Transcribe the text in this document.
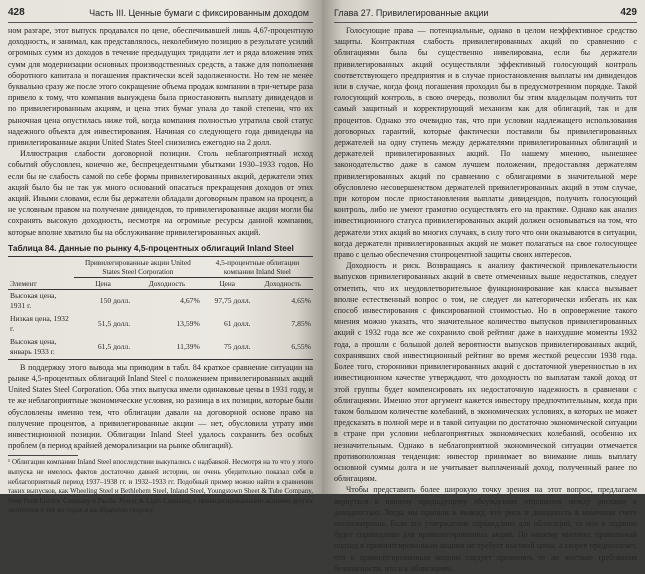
428	Часть III. Ценные бумаги с фиксированным доходом

ном разгаре, этот выпуск продавался по цене, обеспечивавшей лишь 4,67-процентную доходность, и занимал, как представлялось, неколебимую позицию в результате усилий огромных сумм из доходов в течение предыдущих тридцати лет и ряда вложения этих сумм для модернизации основных производственных средств, а также для пополнения оборотного капитала и погашения практически всей задолженности. Но тем не менее буквально сразу же после этого сокращение объема продаж компании в три-четыре раза привело к тому, что компания вынуждена была приостановить выплату дивидендов и по привилегированным акциям, и цена этих бумаг упала до такой степени, что их рыночная цена опустилась ниже той, когда компания полностью утратила свой статус надежного объекта для инвестирования. Начиная со следующего года дивиденды на привилегированные акции United States Steel снизились ежегодно на 2 долл.

Иллюстрация слабости договорной позиции. Столь неблагоприятный исход событий обусловлен, конечно же, беспрецедентными убытками 1930–1933 годов. Но если бы не слабость самой по себе формы привилегированных акций, держатели этих акций было бы не так уж много оснований опасаться прекращения доходов от этих акций. Иными словами, если бы держатели обладали договорным правом на процент, а не условным правом на получение дивидендов, то привилегированные акции могли бы сохранять высокую доходность, несмотря на огромные ресурсы данной компании, которые вполне хватило бы на обслуживание привилегированных акций.

Таблица 84. Данные по рынку 4,5-процентных облигаций Inland Steel
Элемент	Привилегированные акции United States Steel Corporation		4,5-процентные облигации компании Inland Steel	
	Цена	Доходность	Цена	Доходность
Высокая цена, 1931 г.	150 долл.	4,67%	97,75 долл.	4,65%
Низкая цена, 1932 г.	51,5 долл.	13,59%	61 долл.	7,85%
Высокая цена, январь 1933 г.	61,5 долл.	11,39%	75 долл.	6,55%

В поддержку этого вывода мы приводим в табл. 84 краткое сравнение ситуации на рынке 4,5-процентных облигаций Inland Steel с положением привилегированных акций United States Steel Corporation. Оба этих выпуска имели одинаковые цены в 1931 году, и те же неблагоприятные экономические условия, но разница в их позиции, которые были обусловлены именно тем, что облигации давали на договорной основе право на получение процентов, а привилегированные акции — нет, обусловила утрату ими инвестиционной позиции. Облигации Inland Steel удалось сохранить без особых проблем (в период крайней деморализации на рынке облигаций).

¹ Облигации компании Inland Steel впоследствии выкупались с надбавкой. Несмотря на то что у этого выпуска не имелось фактов достаточно давней истории, он очень убедительно показал себя в неблагоприятный период 1937–1938 гг. и 1932–1933 гг. Подобный пример можно найти в сравнении таких выпусков, как Wheeling Steel и Bethlehem Steel, Inland Steel, Youngstown Sheet & Tube Company, West Penn Electric Company и Pacific Power & Light Company, с привилегированными акциями других эмитентов в тех же годах и на обратную сторону.
Глава 27. Привилегированные акции	429

Голосующие права — потенциальные, однако в целом неэффективное средство защиты. Контрактная слабость привилегированных акций по сравнению с облигациями была бы существенно нивелирована, если бы держатели привилегированных акций осуществляли эффективный голосующий контроль соответствующего предприятия и в случае приостановления выплаты им дивидендов или в случае, когда фонд погашения проходил бы в предусмотренном порядке. Такой голосующий контроль, в свою очередь, позволил бы этим владельцам получить тот самый защитный и корректирующий механизм как для облигаций, так и для процентов. Однако это очевидно так, что при условии надлежащего использования договорных гарантий, которые фактически поставили бы привилегированных держателей на одну ступень между держателями привилегированных облигаций и держателей привилегированных акций. По нашему мнению, нынешнее законодательство даже в самом лучшем положении, предоставляя держателям привилегированных акций по сравнению с облигациями в значительной мере обусловлено несовершенством держателей привилегированных акций в этом случае, при котором после приостановления выплаты дивидендов, получить голосующий контроль, либо не умеют грамотно осуществлять его на практике. Однако как анализ инвестиционного статуса привилегированных акций должен основываться на том, что держатели этих акций во многих случаях, в силу того что они оказываются в ситуации, когда держатели привилегированных акций не может полагаться на свое голосующее право с целью обеспечения стопроцентной защиты своих интересов.

Доходность и риск. Возвращаясь к анализу фактической привлекательности выпусков привилегированных акций в свете отмеченных выше недостатков, следует отметить, что их неудовлетворительное функционирование как класса вызывает вполне естественный вопрос о том, не следует ли категорически избегать их как способ инвестирования с фиксированной стоимостью. Но в опровержение такого мнения можно указать, что значительное количество выпусков привилегированных акций с 1932 года все же сохранило свой рейтинг даже в наихудшие моменты 1932 года, а прошли с большой долей вероятности выпусков привилегированных акций, сохранявших свой инвестиционный рейтинг во время жесткой рецессии 1938 года. Более того, сторонники привилегированных акций с достаточной уверенностью в их инвестиционном качестве утверждают, что доходность по выплатам такой доход от этой группы будет компенсировать их недостаточную надежность в сравнении с облигациями. Именно этот аргумент кажется инвестору предпочтительным, когда при таком большом количестве колебаний, в экономических условиях, в которых не может предсказать в полной мере и в такой ситуации по достаточно экономической ситуации в стране при условии неблагоприятных экономических колебаний, особенно их незначительным. Однако в неблагоприятной экономической ситуации отмечается противоположная тенденция: инвестор принимает во внимание лишь выплату основной суммы долга и не учитывает выплаченный доход, полученный ранее по облигациям.

Чтобы представить более широкую точку зрения на этот вопрос, предлагаем вернуться к нашему предыдущему обсуждению отношения между рисками и доходностью. Тогда мы пришли к выводу, что риск и доходность в конечном счете несоизмеримы. Если это утверждение справедливо для облигаций, то оно и подавно будет справедливо для привилегированных акций. По нашему мнению, правильный подход к привилегированным акциям не требует высокой цены, а скорее предполагает, что к привилегированным акциям следует применять те же жесткие требования безопасности, что и к облигациям.
